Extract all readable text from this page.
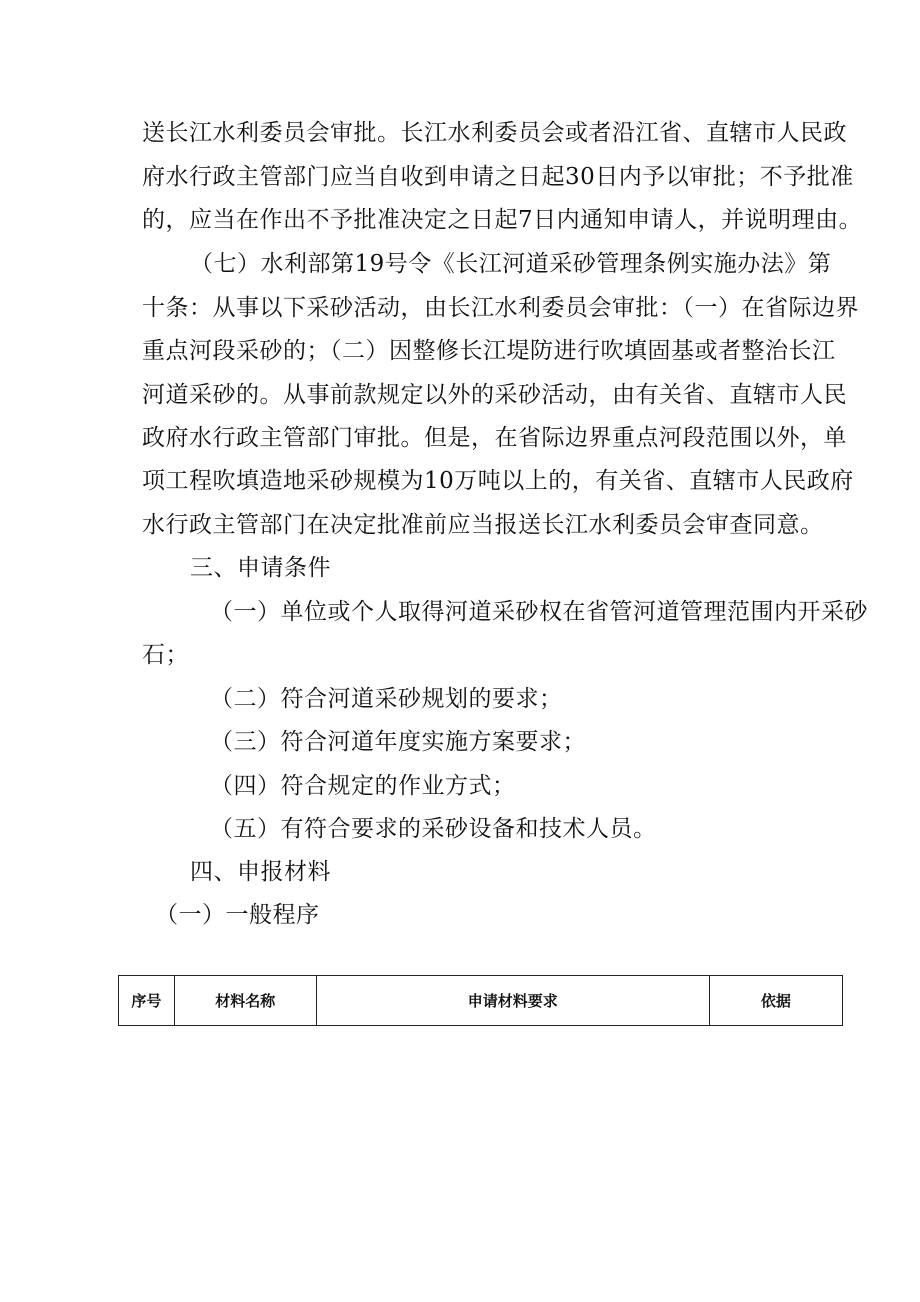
送长江水利委员会审批。长江水利委员会或者沿江省、直辖市人民政
府水行政主管部门应当自收到申请之日起30日内予以审批；不予批准
的，应当在作出不予批准决定之日起7日内通知申请人，并说明理由。
（七）水利部第19号令《长江河道采砂管理条例实施办法》第
十条：从事以下采砂活动，由长江水利委员会审批：（一）在省际边界
重点河段采砂的；（二）因整修长江堤防进行吹填固基或者整治长江
河道采砂的。从事前款规定以外的采砂活动，由有关省、直辖市人民
政府水行政主管部门审批。但是，在省际边界重点河段范围以外，单
项工程吹填造地采砂规模为10万吨以上的，有关省、直辖市人民政府
水行政主管部门在决定批准前应当报送长江水利委员会审查同意。
三、申请条件
（一）单位或个人取得河道采砂权在省管河道管理范围内开采砂
石；
（二）符合河道采砂规划的要求；
（三）符合河道年度实施方案要求；
（四）符合规定的作业方式；
（五）有符合要求的采砂设备和技术人员。
四、申报材料
（一）一般程序
序号	材料名称	申请材料要求	依据
